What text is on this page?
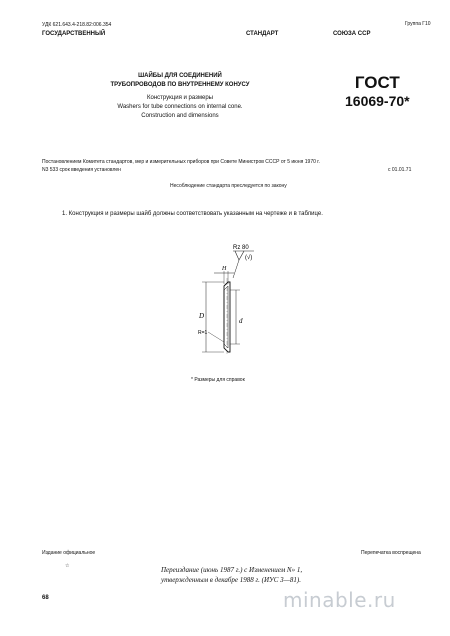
УДК 621.643.4-218.82:006.354	Группа Г10
ГОСУДАРСТВЕННЫЙ	СТАНДАРТ	СОЮЗА ССР
ШАЙБЫ ДЛЯ СОЕДИНЕНИЙ
ТРУБОПРОВОДОВ ПО ВНУТРЕННЕМУ КОНУСУ
Конструкция и размеры
Washers for tube connections on internal cone.
Construction and dimensions
ГОСТ
16069-70*
Постановлением Комитета стандартов, мер и измерительных приборов при Совете Министров СССР от 5 июня 1970 г.
N3 533 срок введения установлен	с 01.01.71
Несоблюдение стандарта преследуется по закону
1. Конструкция и размеры шайб должны соответствовать указанным на чертеже и в таблице.
Rz 80
(√)
H
D
d
R=1
* Размеры для справок
Издание официальное	Перепечатка воспрещена
☆	Переиздание (июнь 1987 г.) с Изменением N» 1,
утвержденным в декабре 1988 г. (ИУС 3—81).
68	minable.ru
